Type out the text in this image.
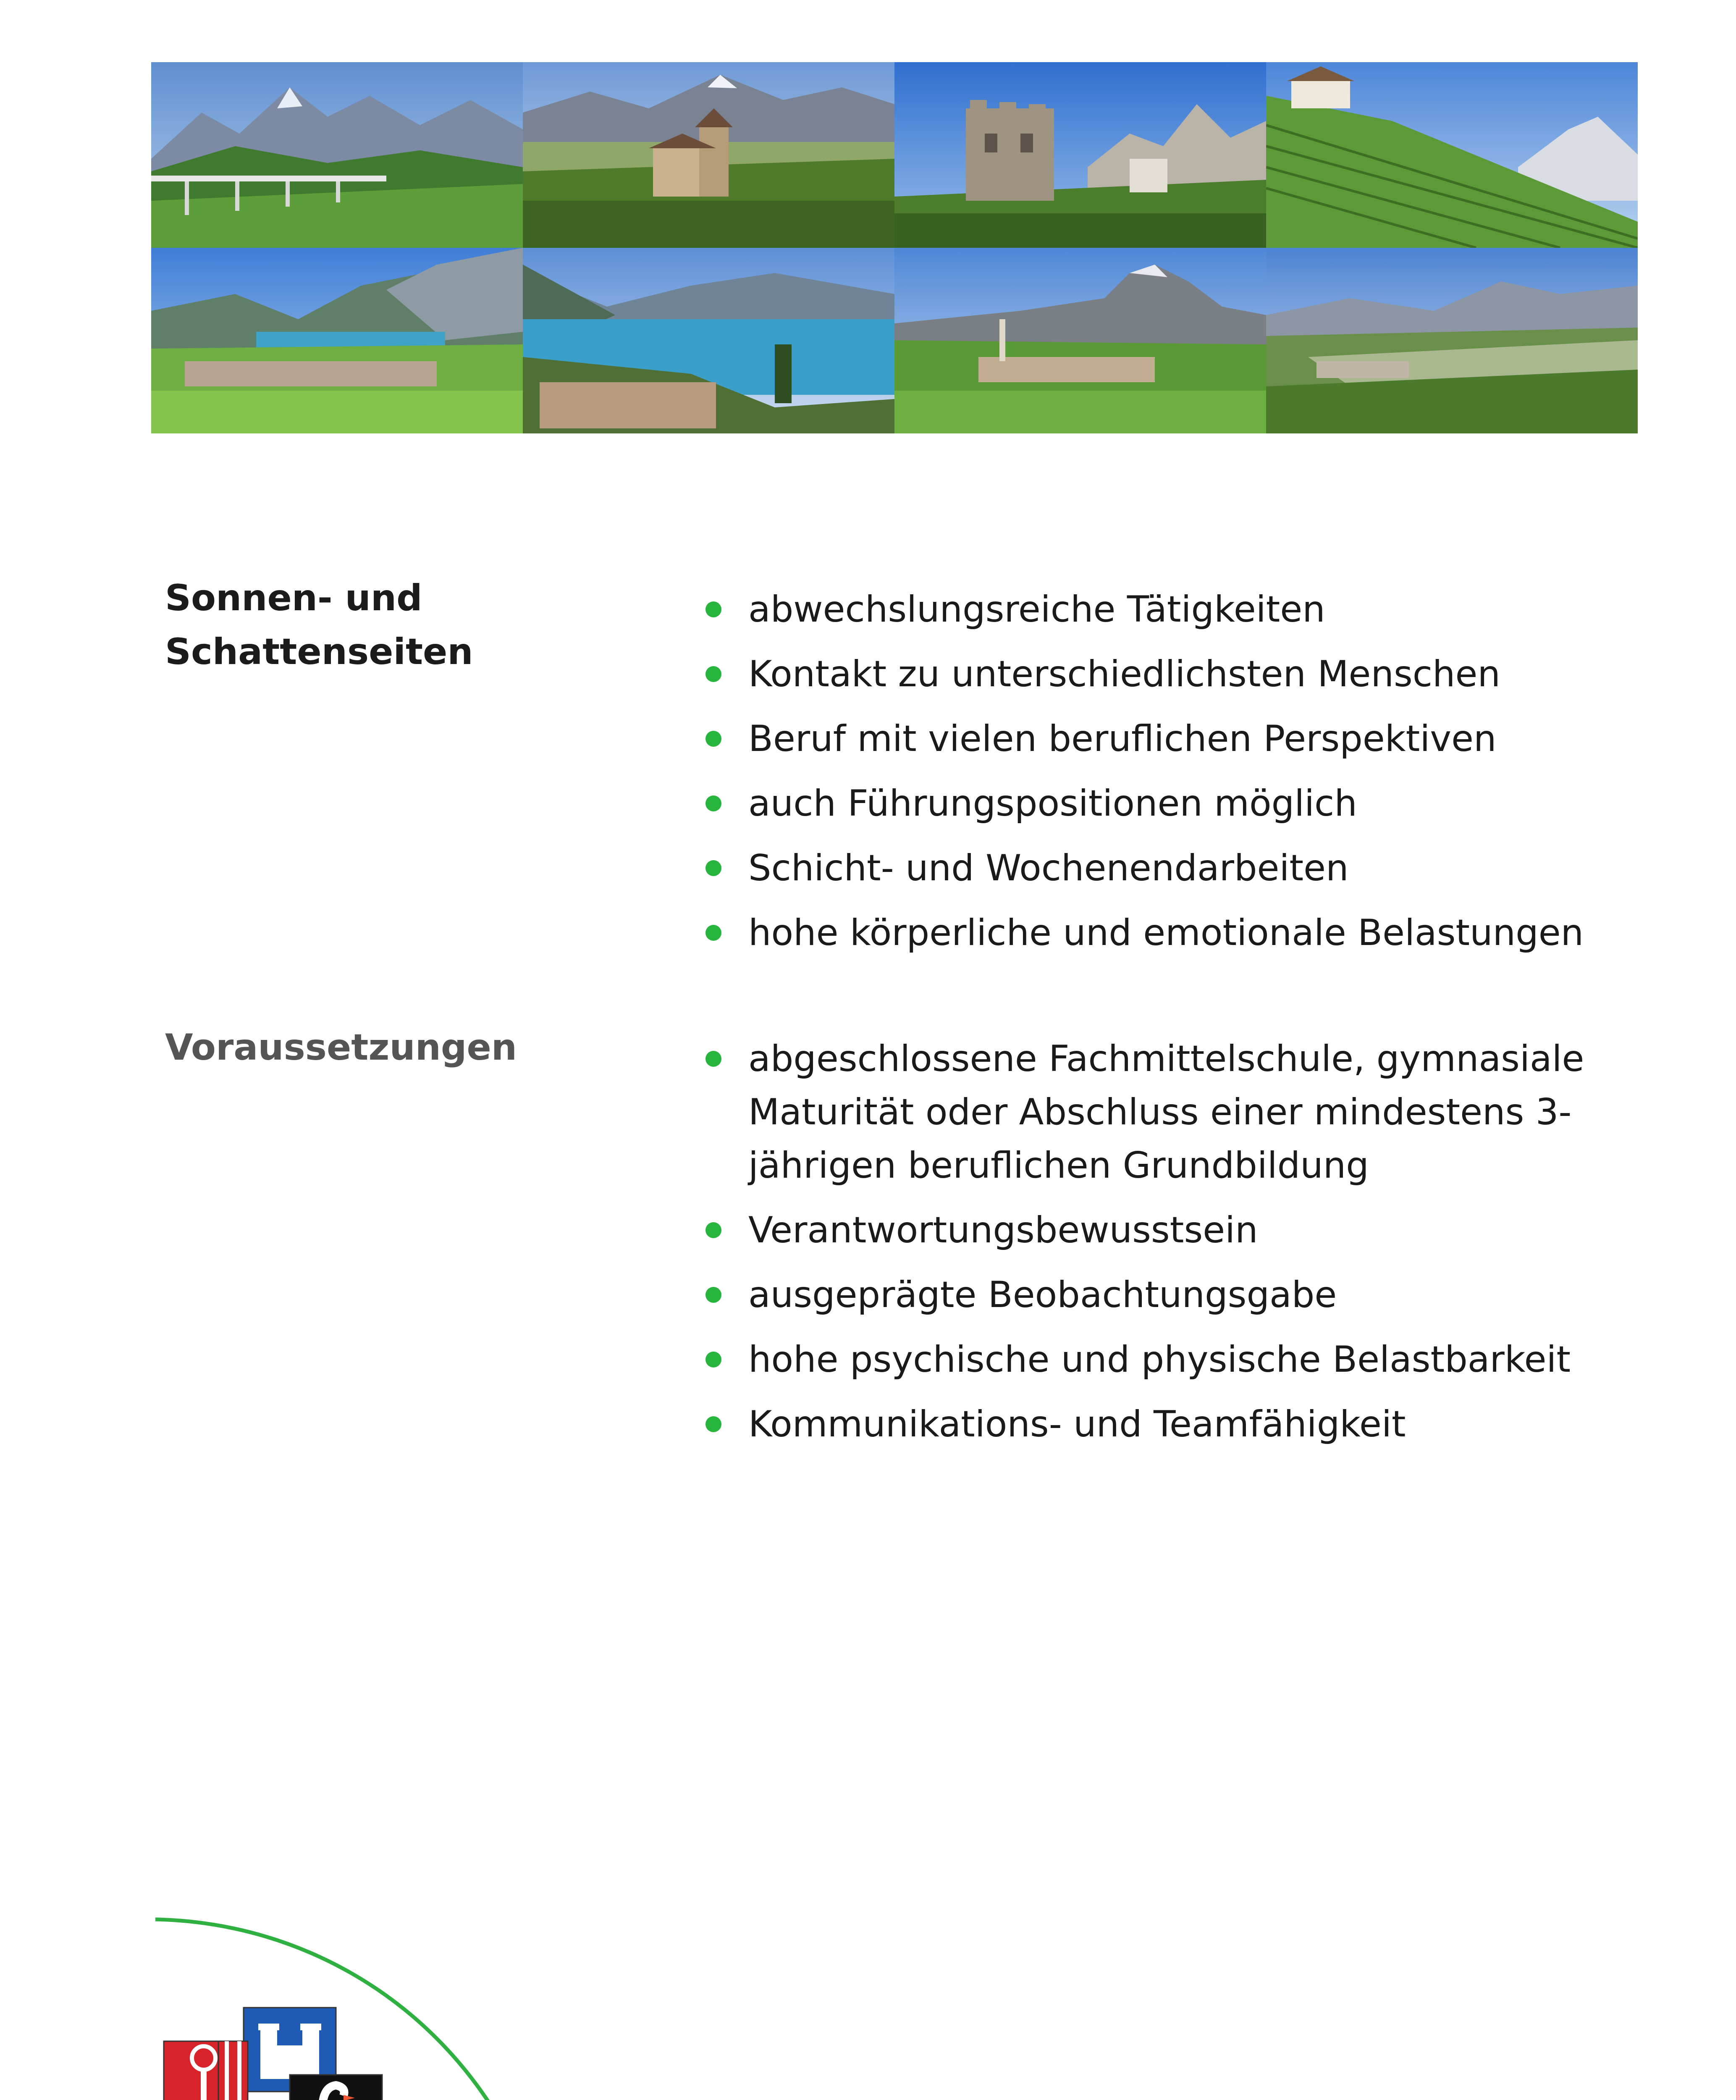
Sonnen- und Schattenseiten
abwechslungsreiche Tätigkeiten
Kontakt zu unterschiedlichsten Menschen
Beruf mit vielen beruflichen Perspektiven
auch Führungspositionen möglich
Schicht- und Wochenendarbeiten
hohe körperliche und emotionale Belastungen
Voraussetzungen	abgeschlossene Fachmittelschule, gymnasiale Maturität oder Abschluss einer mindestens 3-jährigen beruflichen Grundbildung
Verantwortungsbewusstsein
ausgeprägte Beobachtungsgabe
hohe psychische und physische Belastbarkeit
Kommunikations- und Teamfähigkeit
